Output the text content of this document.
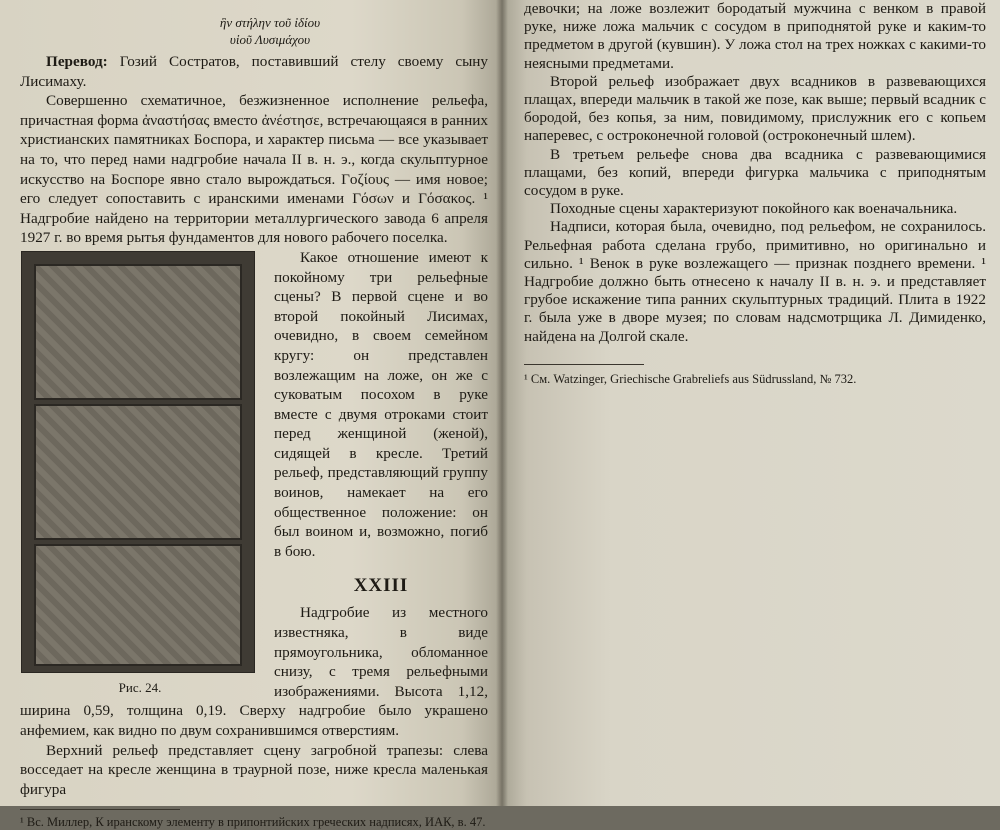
ἣν στήλην τοῦ ἰδίου
υἱοῦ Λυσιμάχου

Перевод: Гозий Состратов, поставивший стелу своему сыну Лисимаху.

Совершенно схематичное, безжизненное исполнение рельефа, причастная форма ἀναστήσας вместо ἀνέστησε, встречающаяся в ранних христианских памятниках Боспора, и характер письма — все указывает на то, что перед нами надгробие начала II в. н. э., когда скульптурное искусство на Боспоре явно стало вырождаться. Γοζίους — имя новое; его следует сопоставить с иранскими именами Γόσων и Γόσακος. ¹ Надгробие найдено на территории металлургического завода 6 апреля 1927 г. во время рытья фундаментов для нового рабочего поселка.

Рис. 24.

Какое отношение имеют к покойному три рельефные сцены? В первой сцене и во второй покойный Лисимах, очевидно, в своем семейном кругу: он представлен возлежащим на ложе, он же с суковатым посохом в руке вместе с двумя отроками стоит перед женщиной (женой), сидящей в кресле. Третий рельеф, представляющий группу воинов, намекает на его общественное положение: он был воином и, возможно, погиб в бою.

XXIII

Надгробие из местного известняка, в виде прямоугольника, обломанное снизу, с тремя рельефными изображениями. Высота 1,12, ширина 0,59, толщина 0,19. Сверху надгробие было украшено анфемием, как видно по двум сохранившимся отверстиям.

Верхний рельеф представляет сцену загробной трапезы: слева восседает на кресле женщина в траурной позе, ниже кресла маленькая фигура

¹ Вс. Миллер, К иранскому элементу в припонтийских греческих надписях, ИАК, в. 47.

девочки; на ложе возлежит бородатый мужчина с венком в правой руке, ниже ложа мальчик с сосудом в приподнятой руке и каким-то предметом в другой (кувшин). У ложа стол на трех ножках с какими-то неясными предметами.

Второй рельеф изображает двух всадников в развевающихся плащах, впереди мальчик в такой же позе, как выше; первый всадник с бородой, без копья, за ним, повидимому, прислужник его с копьем наперевес, с остроконечной головой (остроконечный шлем).

В третьем рельефе снова два всадника с развевающимися плащами, без копий, впереди фигурка мальчика с приподнятым сосудом в руке.

Походные сцены характеризуют покойного как военачальника.

Надписи, которая была, очевидно, под рельефом, не сохранилось. Рельефная работа сделана грубо, примитивно, но оригинально и сильно. ¹ Венок в руке возлежащего — признак позднего времени. ¹ Надгробие должно быть отнесено к началу II в. н. э. и представляет грубое искажение типа ранних скульптурных традиций. Плита в 1922 г. была уже в дворе музея; по словам надсмотрщика Л. Димиденко, найдена на Долгой скале.

¹ См. Watzinger, Griechische Grabreliefs aus Südrussland, № 732.
